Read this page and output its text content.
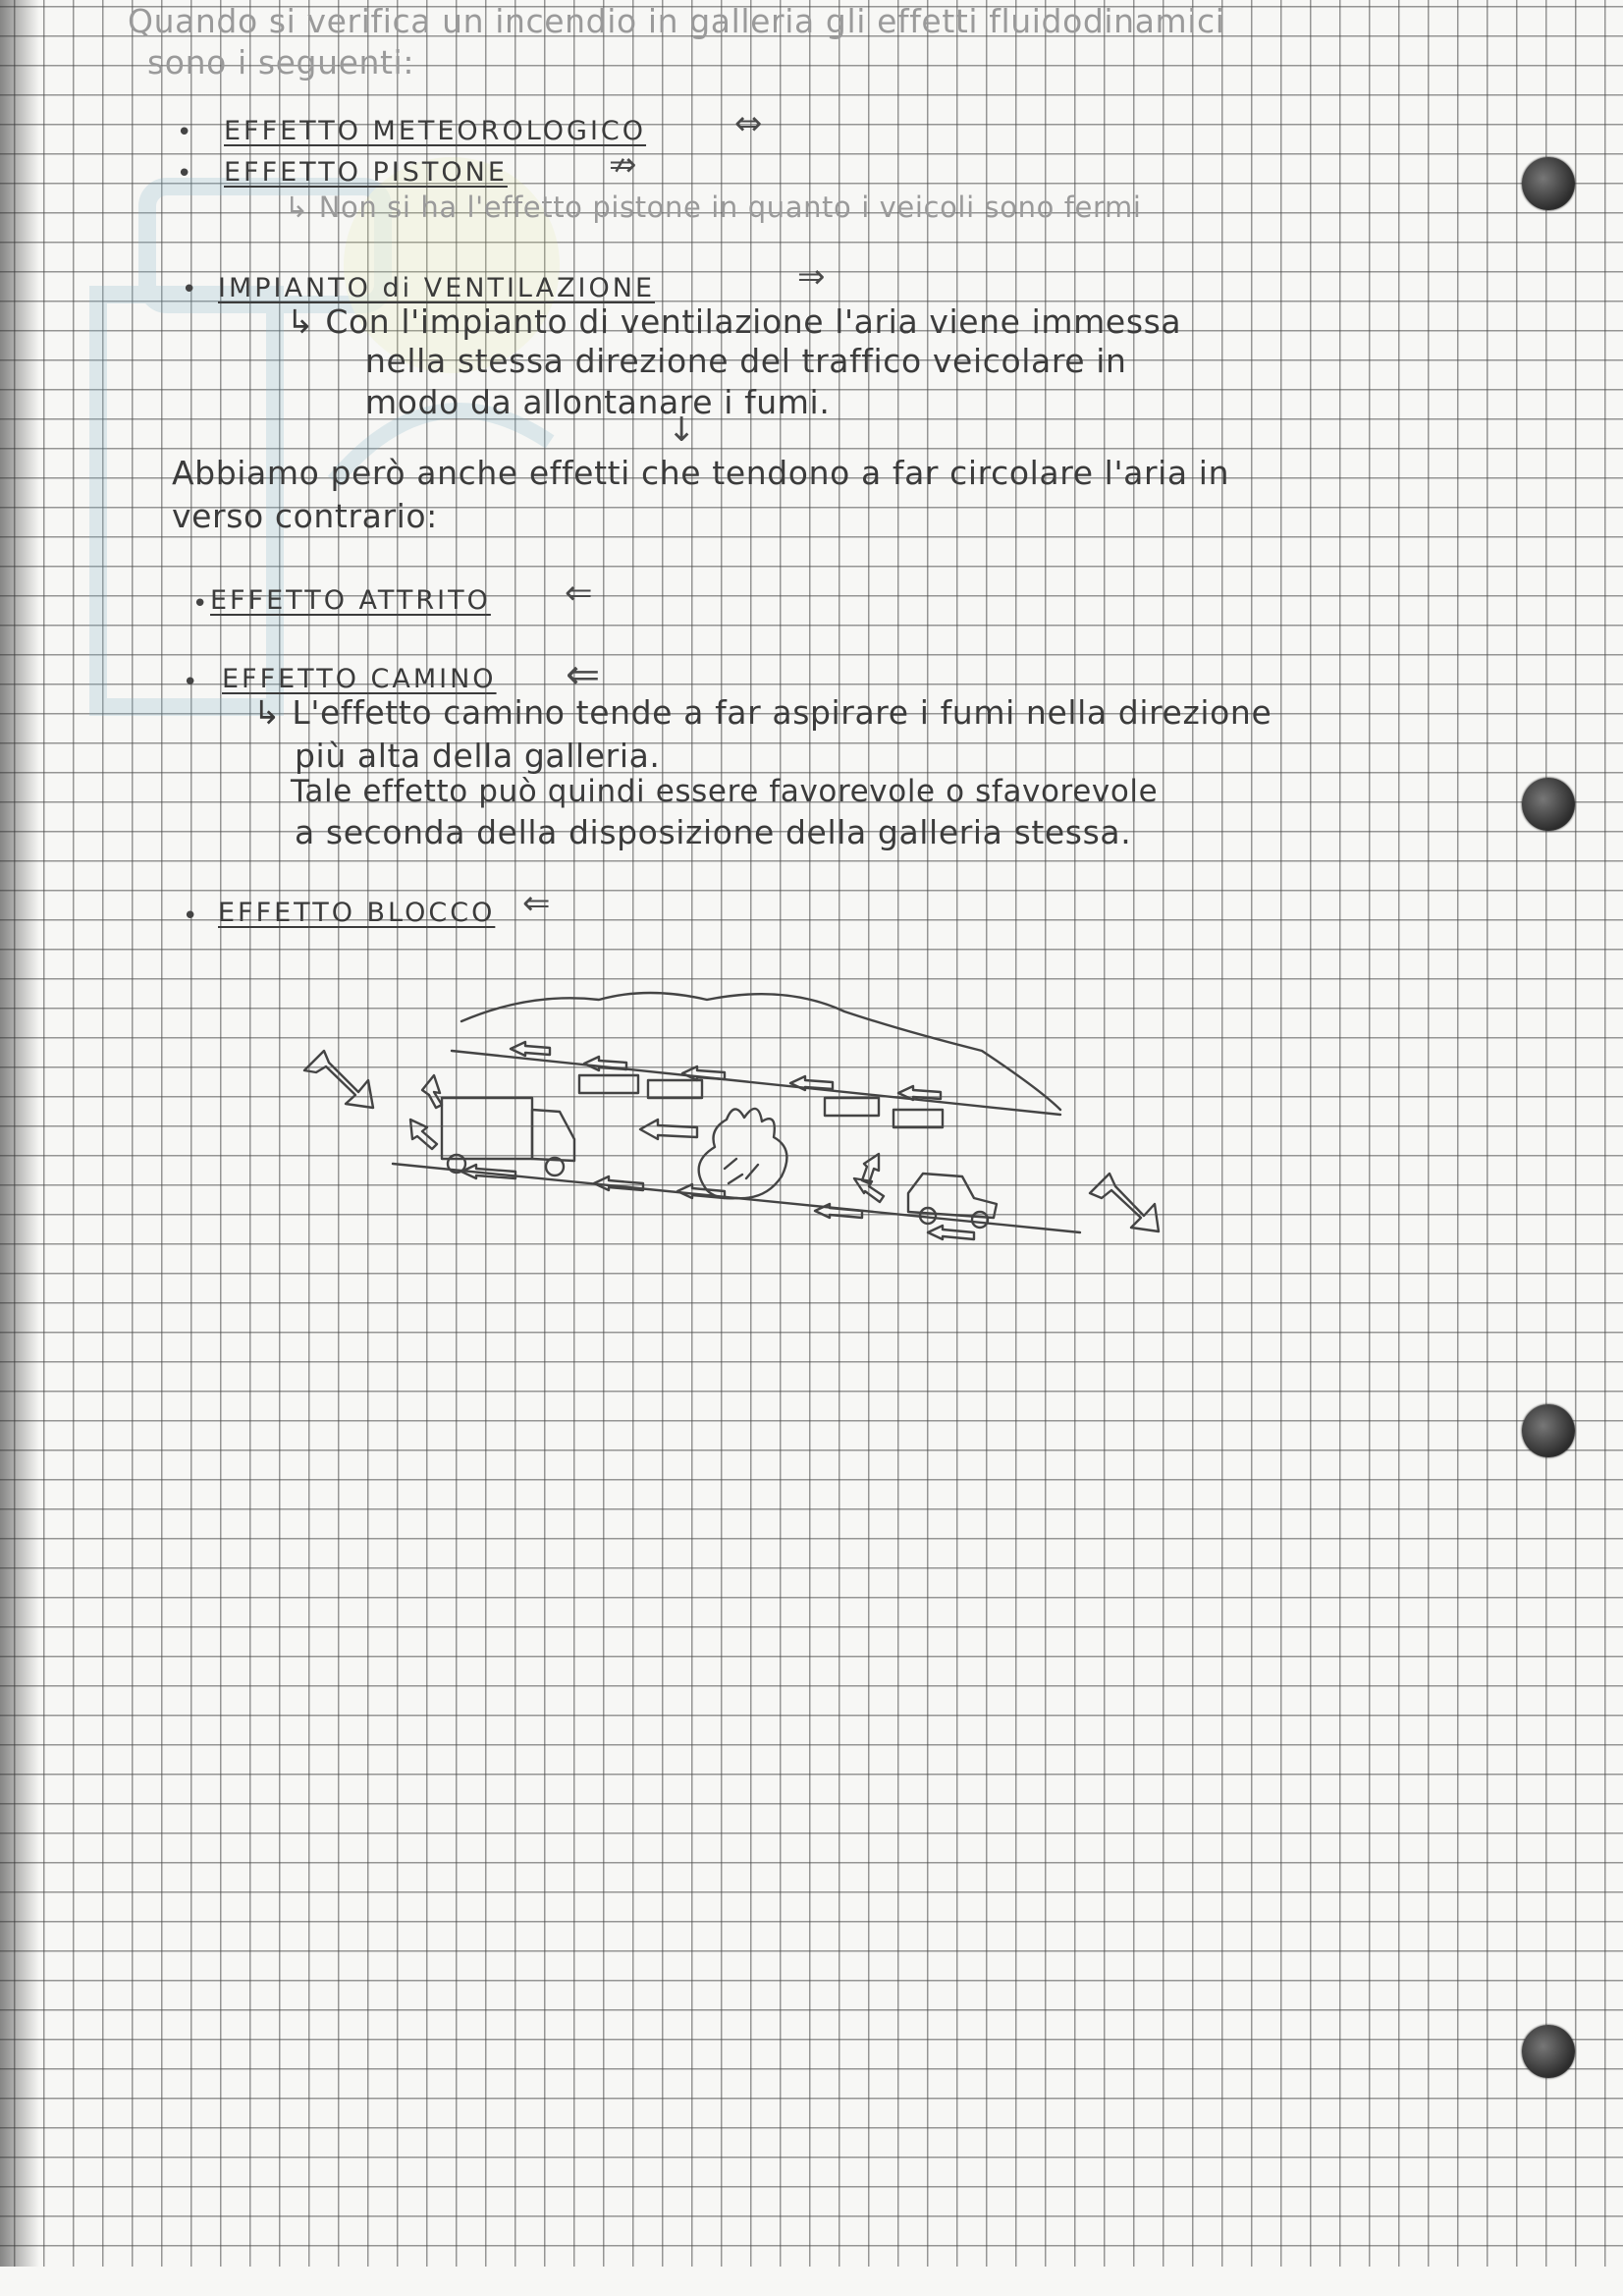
Quando si verifica un incendio in galleria gli effetti fluidodinamici
sono i seguenti:
• EFFETTO METEOROLOGICO	⇔
• EFFETTO PISTONE	⇏
↳ Non si ha l'effetto pistone in quanto i veicoli sono fermi
• IMPIANTO di VENTILAZIONE	⇒
↳ Con l'impianto di ventilazione l'aria viene immessa
nella stessa direzione del traffico veicolare in
modo da allontanare i fumi.
↓
Abbiamo però anche effetti che tendono a far circolare l'aria in
verso contrario:
• EFFETTO ATTRITO ⇐
• EFFETTO CAMINO ⇐
↳ L'effetto camino tende a far aspirare i fumi nella direzione
più alta della galleria.
Tale effetto può quindi essere favorevole o sfavorevole
a seconda della disposizione della galleria stessa.
• EFFETTO BLOCCO ⇐
